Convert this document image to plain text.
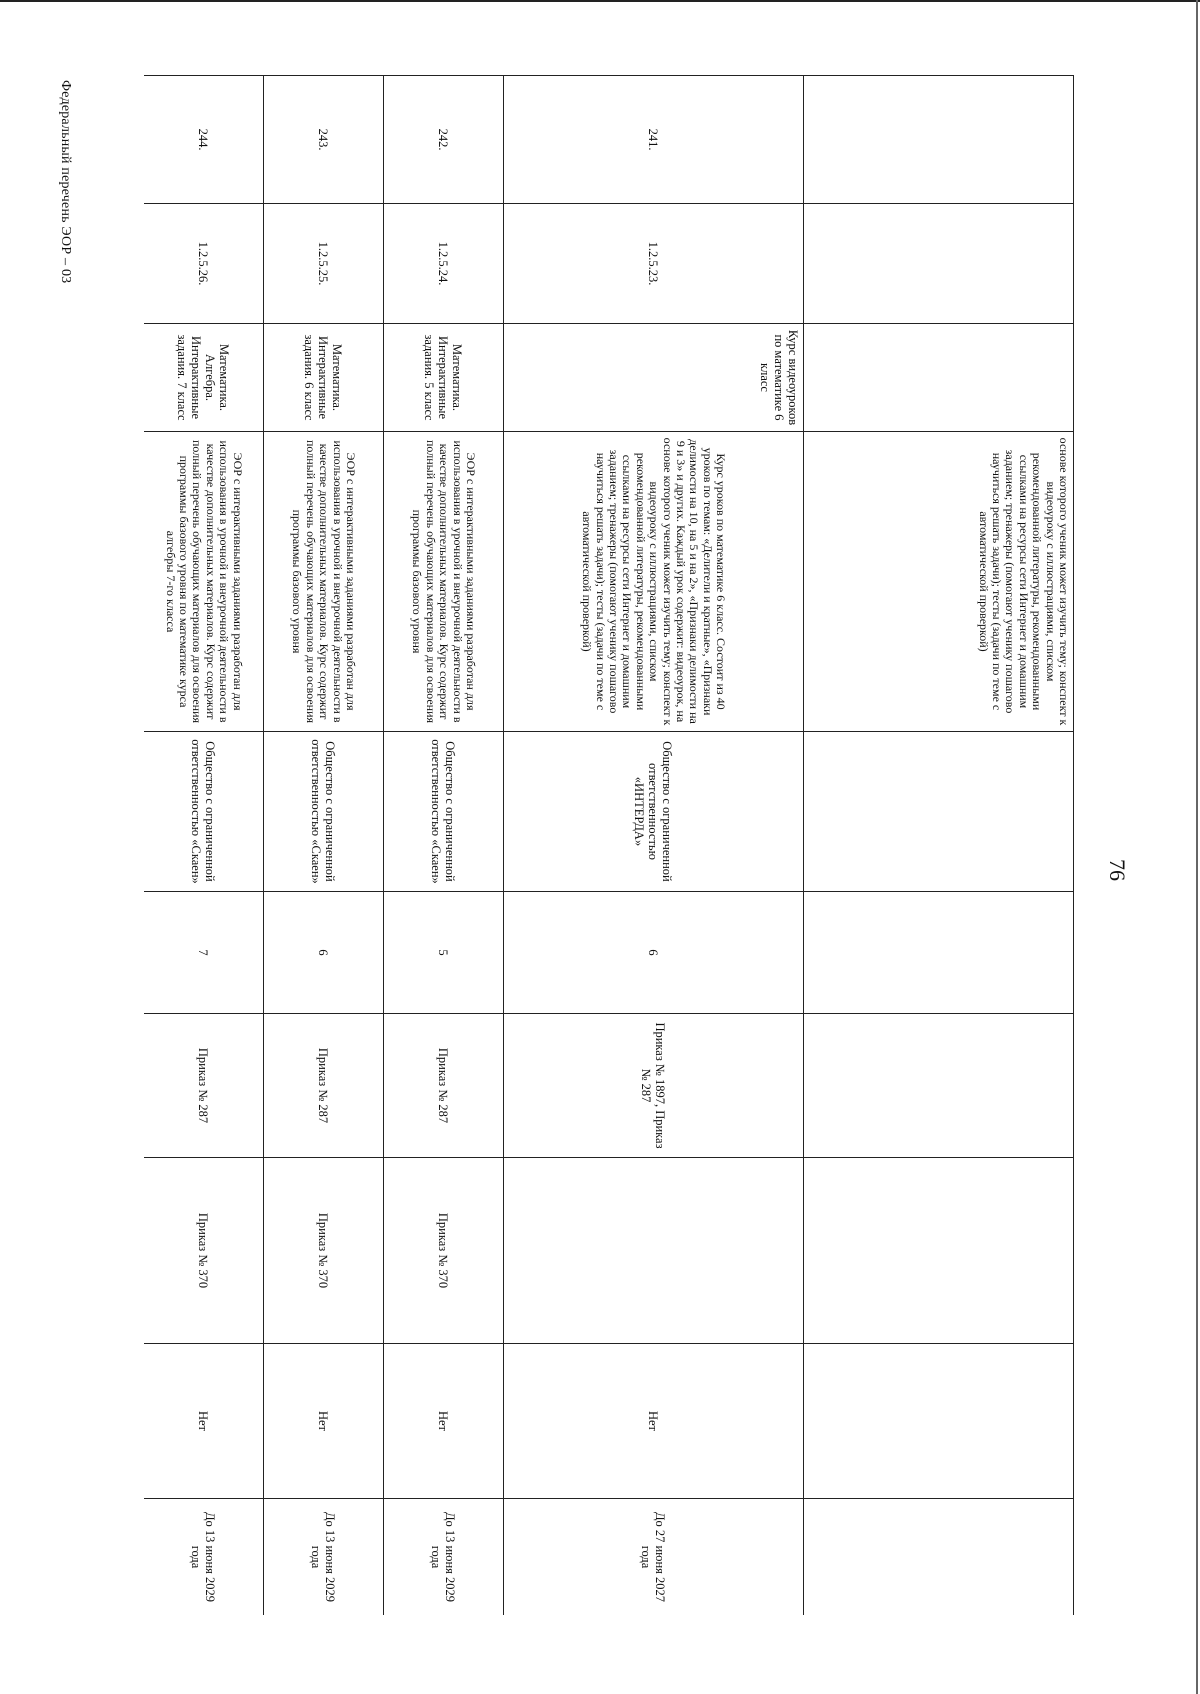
Федеральный перечень ЭОР – 03
76
			основе которого ученик может изучить тему; конспект к видеоуроку с иллюстрациями, списком рекомендованной литературы, рекомендованными ссылками на ресурсы сети Интернет и домашним заданием; тренажеры (помогают ученику пошагово научиться решать задачи); тесты (задачи по теме с автоматической проверкой)						
241.	1.2.5.23.	Курс видеоуроков по математике 6 класс	Курс уроков по математике 6 класс. Состоит из 40 уроков по темам: «Делители и кратные», «Признаки делимости на 10, на 5 и на 2», «Признаки делимости на 9 и 3» и других. Каждый урок содержит: видеоурок, на основе которого ученик может изучить тему; конспект к видеоуроку с иллюстрациями, списком рекомендованной литературы, рекомендованными ссылками на ресурсы сети Интернет и домашним заданием; тренажеры (помогают ученику пошагово научиться решать задачи); тесты (задачи по теме с автоматической проверкой)	Общество с ограниченной ответственностью «ИНТЕРДА»	6	Приказ № 1897, Приказ № 287		Нет	До 27 июня 2027 года
242.	1.2.5.24.	Математика. Интерактивные задания. 5 класс	ЭОР с интерактивными заданиями разработан для использования в урочной и внеурочной деятельности в качестве дополнительных материалов. Курс содержит полный перечень обучающих материалов для освоения программы базового уровня	Общество с ограниченной ответственностью «Скаен»	5	Приказ № 287	Приказ № 370	Нет	До 13 июня 2029 года
243.	1.2.5.25.	Математика. Интерактивные задания. 6 класс	ЭОР с интерактивными заданиями разработан для использования в урочной и внеурочной деятельности в качестве дополнительных материалов. Курс содержит полный перечень обучающих материалов для освоения программы базового уровня	Общество с ограниченной ответственностью «Скаен»	6	Приказ № 287	Приказ № 370	Нет	До 13 июня 2029 года
244.	1.2.5.26.	Математика. Алгебра. Интерактивные задания. 7 класс	ЭОР с интерактивными заданиями разработан для использования в урочной и внеурочной деятельности в качестве дополнительных материалов. Курс содержит полный перечень обучающих материалов для освоения программы базового уровня по математике курса алгебры 7-го класса	Общество с ограниченной ответственностью «Скаен»	7	Приказ № 287	Приказ № 370	Нет	До 13 июня 2029 года
